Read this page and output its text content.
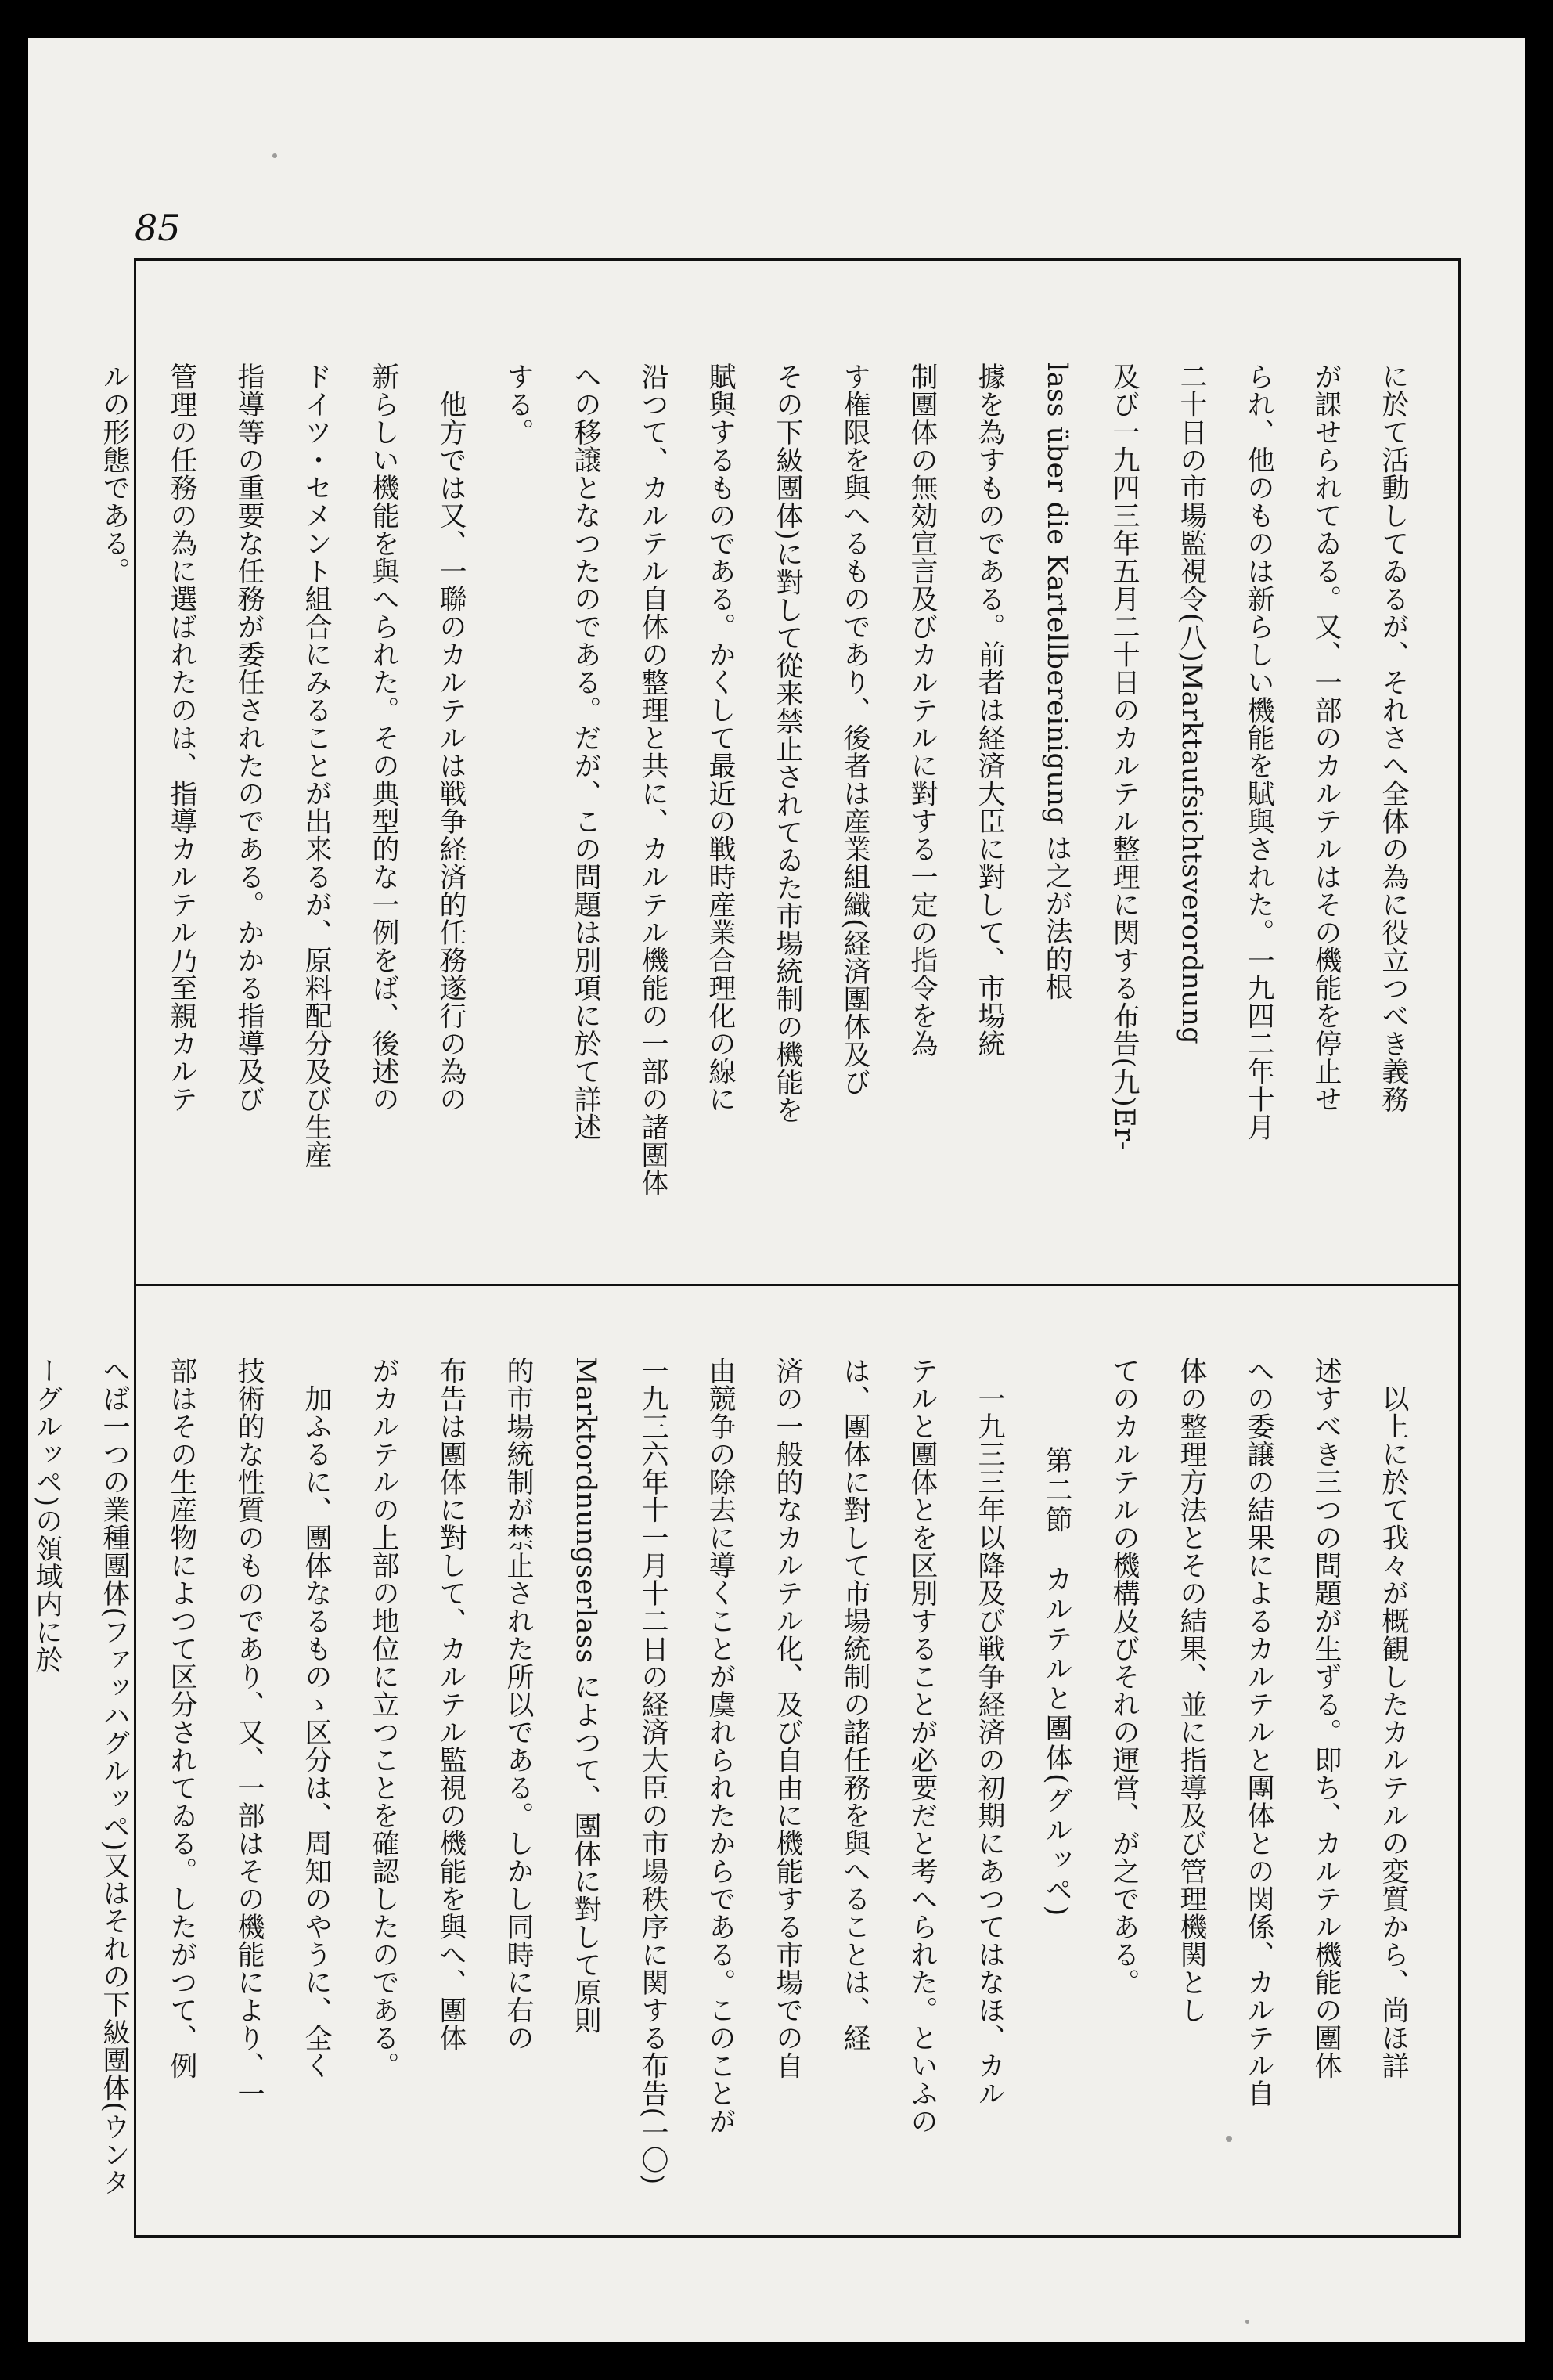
85
に於て活動してゐるが、それさへ全体の為に役立つべき義務
が課せられてゐる。又、一部のカルテルはその機能を停止せ
られ、他のものは新らしい機能を賦與された。一九四二年十月
二十日の市場監視令(八)Marktaufsichtsverordnung
及び一九四三年五月二十日のカルテル整理に関する布告(九)Er-
lass über die Kartellbereinigung は之が法的根
據を為すものである。前者は経済大臣に對して、市場統
制團体の無効宣言及びカルテルに對する一定の指令を為
す権限を與へるものであり、後者は産業組織(経済團体及び
その下級團体)に對して從来禁止されてゐた市場統制の機能を
賦與するものである。かくして最近の戦時産業合理化の線に
沿つて、カルテル自体の整理と共に、カルテル機能の一部の諸團体
への移譲となつたのである。だが、この問題は別項に於て詳述
する。
　他方では又、一聯のカルテルは戦争経済的任務遂行の為の
新らしい機能を與へられた。その典型的な一例をば、後述の
ドイツ・セメント組合にみることが出来るが、原料配分及び生産
指導等の重要な任務が委任されたのである。かかる指導及び
管理の任務の為に選ばれたのは、指導カルテル乃至親カルテ
ルの形態である。
　以上に於て我々が概観したカルテルの変質から、尚ほ詳
述すべき三つの問題が生ずる。即ち、カルテル機能の團体
への委譲の結果によるカルテルと團体との関係、カルテル自
体の整理方法とその結果、並に指導及び管理機関とし
てのカルテルの機構及びそれの運営、が之である。
　　　第二節　カルテルと團体(グルッペ)
　一九三三年以降及び戦争経済の初期にあつてはなほ、カル
テルと團体とを区別することが必要だと考へられた。といふの
は、團体に對して市場統制の諸任務を與へることは、経
済の一般的なカルテル化、及び自由に機能する市場での自
由競争の除去に導くことが虞れられたからである。このことが
一九三六年十一月十二日の経済大臣の市場秩序に関する布告(一〇)
Marktordnungserlass によつて、團体に對して原則
的市場統制が禁止された所以である。しかし同時に右の
布告は團体に對して、カルテル監視の機能を與へ、團体
がカルテルの上部の地位に立つことを確認したのである。
　加ふるに、團体なるものゝ区分は、周知のやうに、全く
技術的な性質のものであり、又、一部はその機能により、一
部はその生産物によつて区分されてゐる。したがつて、例
へば一つの業種團体(ファッハグルッペ)又はそれの下級團体(ウンターグルッペ)の領域内に於
